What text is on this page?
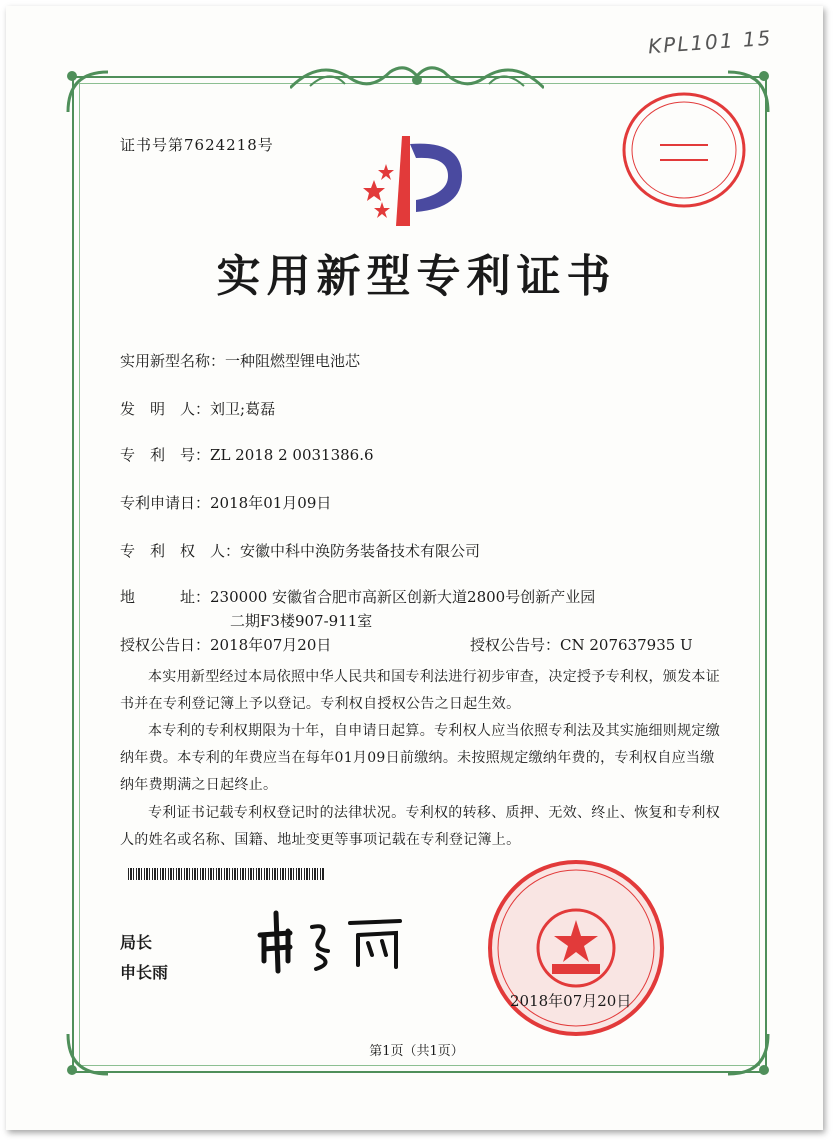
KPL101 15
证书号第7624218号
实用新型专利证书
实用新型名称：一种阻燃型锂电池芯
发　明　人：刘卫;葛磊
专　利　号：ZL 2018 2 0031386.6
专利申请日：2018年01月09日
专　利　权　人：安徽中科中涣防务装备技术有限公司
地　　　址：230000 安徽省合肥市高新区创新大道2800号创新产业园
二期F3楼907-911室
授权公告日：2018年07月20日	授权公告号：CN 207637935 U
本实用新型经过本局依照中华人民共和国专利法进行初步审查，决定授予专利权，颁发本证书并在专利登记簿上予以登记。专利权自授权公告之日起生效。
本专利的专利权期限为十年，自申请日起算。专利权人应当依照专利法及其实施细则规定缴纳年费。本专利的年费应当在每年01月09日前缴纳。未按照规定缴纳年费的，专利权自应当缴纳年费期满之日起终止。
专利证书记载专利权登记时的法律状况。专利权的转移、质押、无效、终止、恢复和专利权人的姓名或名称、国籍、地址变更等事项记载在专利登记簿上。
局长
申长雨
2018年07月20日
第1页（共1页）
